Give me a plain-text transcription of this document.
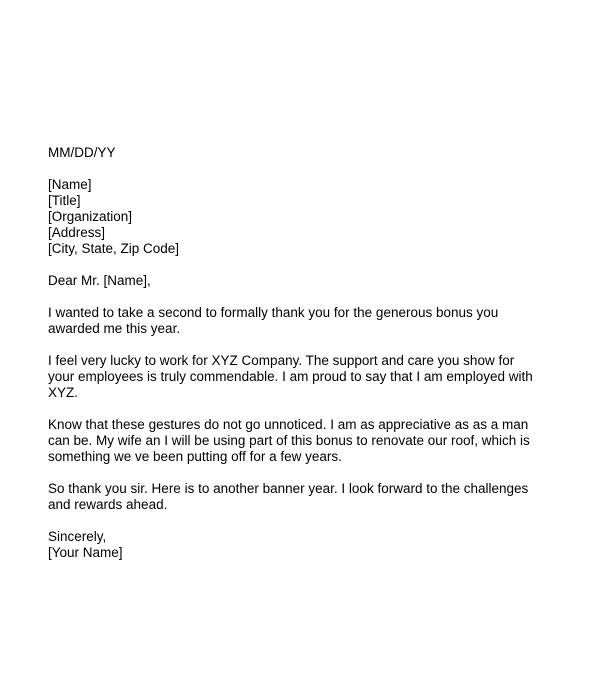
MM/DD/YY
[Name]
[Title]
[Organization]
[Address]
[City, State, Zip Code]
Dear Mr. [Name],

I wanted to take a second to formally thank you for the generous bonus you
awarded me this year.

I feel very lucky to work for XYZ Company. The support and care you show for
your employees is truly commendable. I am proud to say that I am employed with
XYZ.

Know that these gestures do not go unnoticed. I am as appreciative as as a man
can be. My wife an I will be using part of this bonus to renovate our roof, which is
something we ve been putting off for a few years.

So thank you sir. Here is to another banner year. I look forward to the challenges
and rewards ahead.

Sincerely,
[Your Name]
